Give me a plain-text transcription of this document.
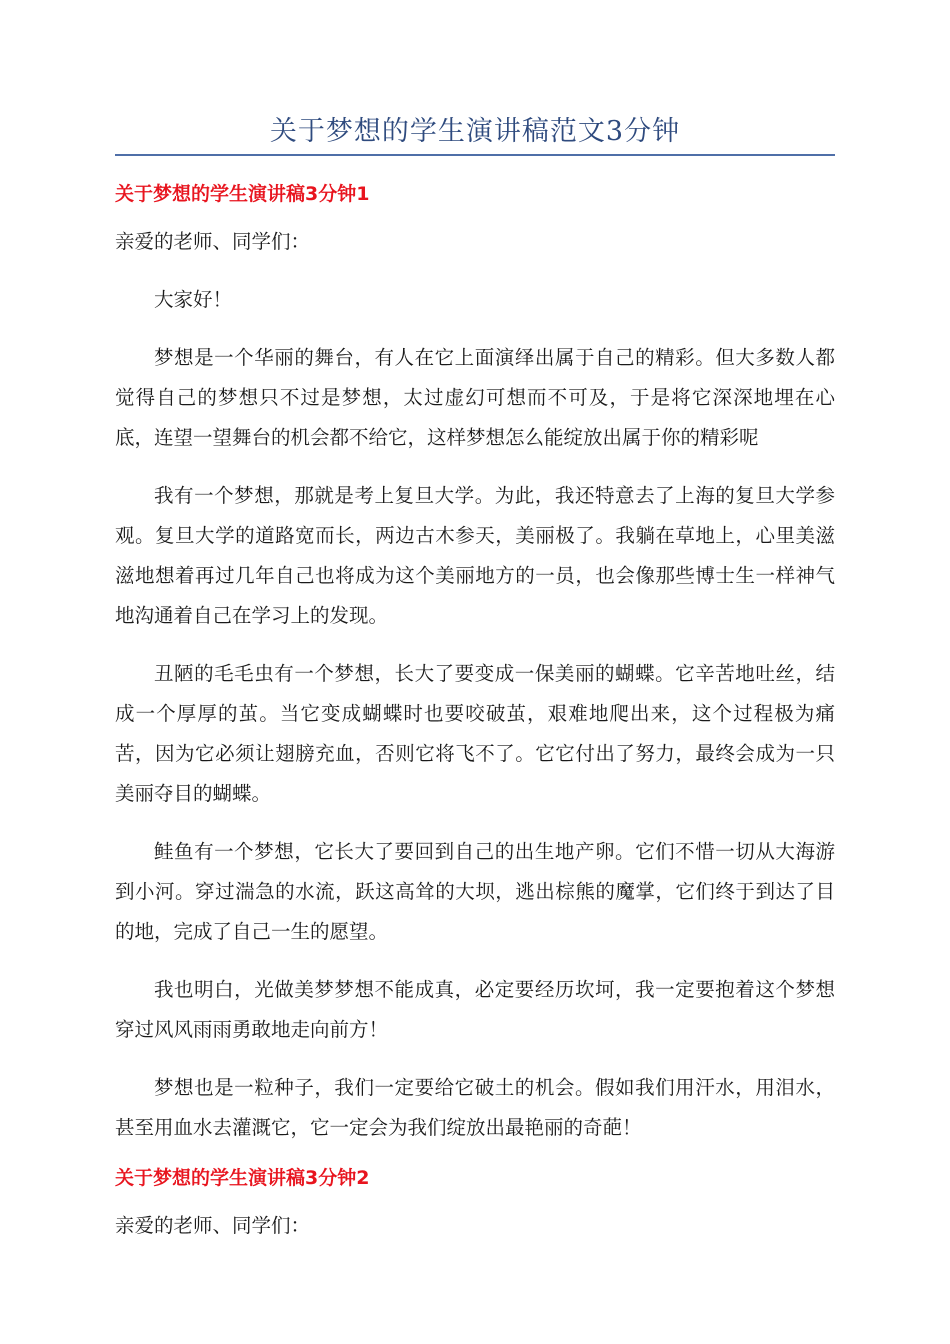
关于梦想的学生演讲稿范文3分钟
关于梦想的学生演讲稿3分钟1
亲爱的老师、同学们：
大家好！
梦想是一个华丽的舞台，有人在它上面演绎出属于自己的精彩。但大多数人都觉得自己的梦想只不过是梦想，太过虚幻可想而不可及，于是将它深深地埋在心底，连望一望舞台的机会都不给它，这样梦想怎么能绽放出属于你的精彩呢
我有一个梦想，那就是考上复旦大学。为此，我还特意去了上海的复旦大学参观。复旦大学的道路宽而长，两边古木参天，美丽极了。我躺在草地上，心里美滋滋地想着再过几年自己也将成为这个美丽地方的一员，也会像那些博士生一样神气地沟通着自己在学习上的发现。
丑陋的毛毛虫有一个梦想，长大了要变成一保美丽的蝴蝶。它辛苦地吐丝，结成一个厚厚的茧。当它变成蝴蝶时也要咬破茧，艰难地爬出来，这个过程极为痛苦，因为它必须让翅膀充血，否则它将飞不了。它它付出了努力，最终会成为一只美丽夺目的蝴蝶。
鲑鱼有一个梦想，它长大了要回到自己的出生地产卵。它们不惜一切从大海游到小河。穿过湍急的水流，跃这高耸的大坝，逃出棕熊的魔掌，它们终于到达了目的地，完成了自己一生的愿望。
我也明白，光做美梦梦想不能成真，必定要经历坎坷，我一定要抱着这个梦想穿过风风雨雨勇敢地走向前方！
梦想也是一粒种子，我们一定要给它破土的机会。假如我们用汗水，用泪水，甚至用血水去灌溉它，它一定会为我们绽放出最艳丽的奇葩！
关于梦想的学生演讲稿3分钟2
亲爱的老师、同学们：
